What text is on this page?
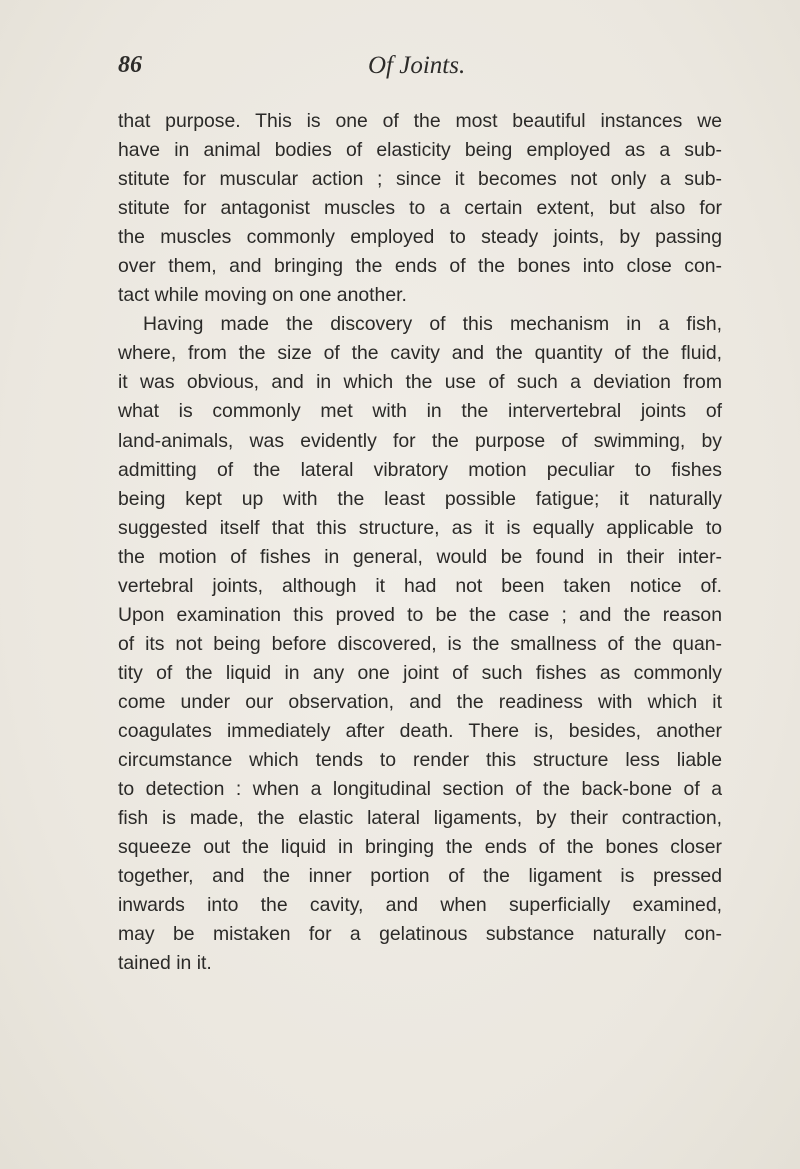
86	Of Joints.
that purpose. This is one of the most beautiful instances we
have in animal bodies of elasticity being employed as a sub-
stitute for muscular action ; since it becomes not only a sub-
stitute for antagonist muscles to a certain extent, but also for
the muscles commonly employed to steady joints, by passing
over them, and bringing the ends of the bones into close con-
tact while moving on one another.
Having made the discovery of this mechanism in a fish,
where, from the size of the cavity and the quantity of the fluid,
it was obvious, and in which the use of such a deviation from
what is commonly met with in the intervertebral joints of
land-animals, was evidently for the purpose of swimming, by
admitting of the lateral vibratory motion peculiar to fishes
being kept up with the least possible fatigue; it naturally
suggested itself that this structure, as it is equally applicable to
the motion of fishes in general, would be found in their inter-
vertebral joints, although it had not been taken notice of.
Upon examination this proved to be the case ; and the reason
of its not being before discovered, is the smallness of the quan-
tity of the liquid in any one joint of such fishes as commonly
come under our observation, and the readiness with which it
coagulates immediately after death. There is, besides, another
circumstance which tends to render this structure less liable
to detection : when a longitudinal section of the back-bone of a
fish is made, the elastic lateral ligaments, by their contraction,
squeeze out the liquid in bringing the ends of the bones closer
together, and the inner portion of the ligament is pressed
inwards into the cavity, and when superficially examined,
may be mistaken for a gelatinous substance naturally con-
tained in it.
